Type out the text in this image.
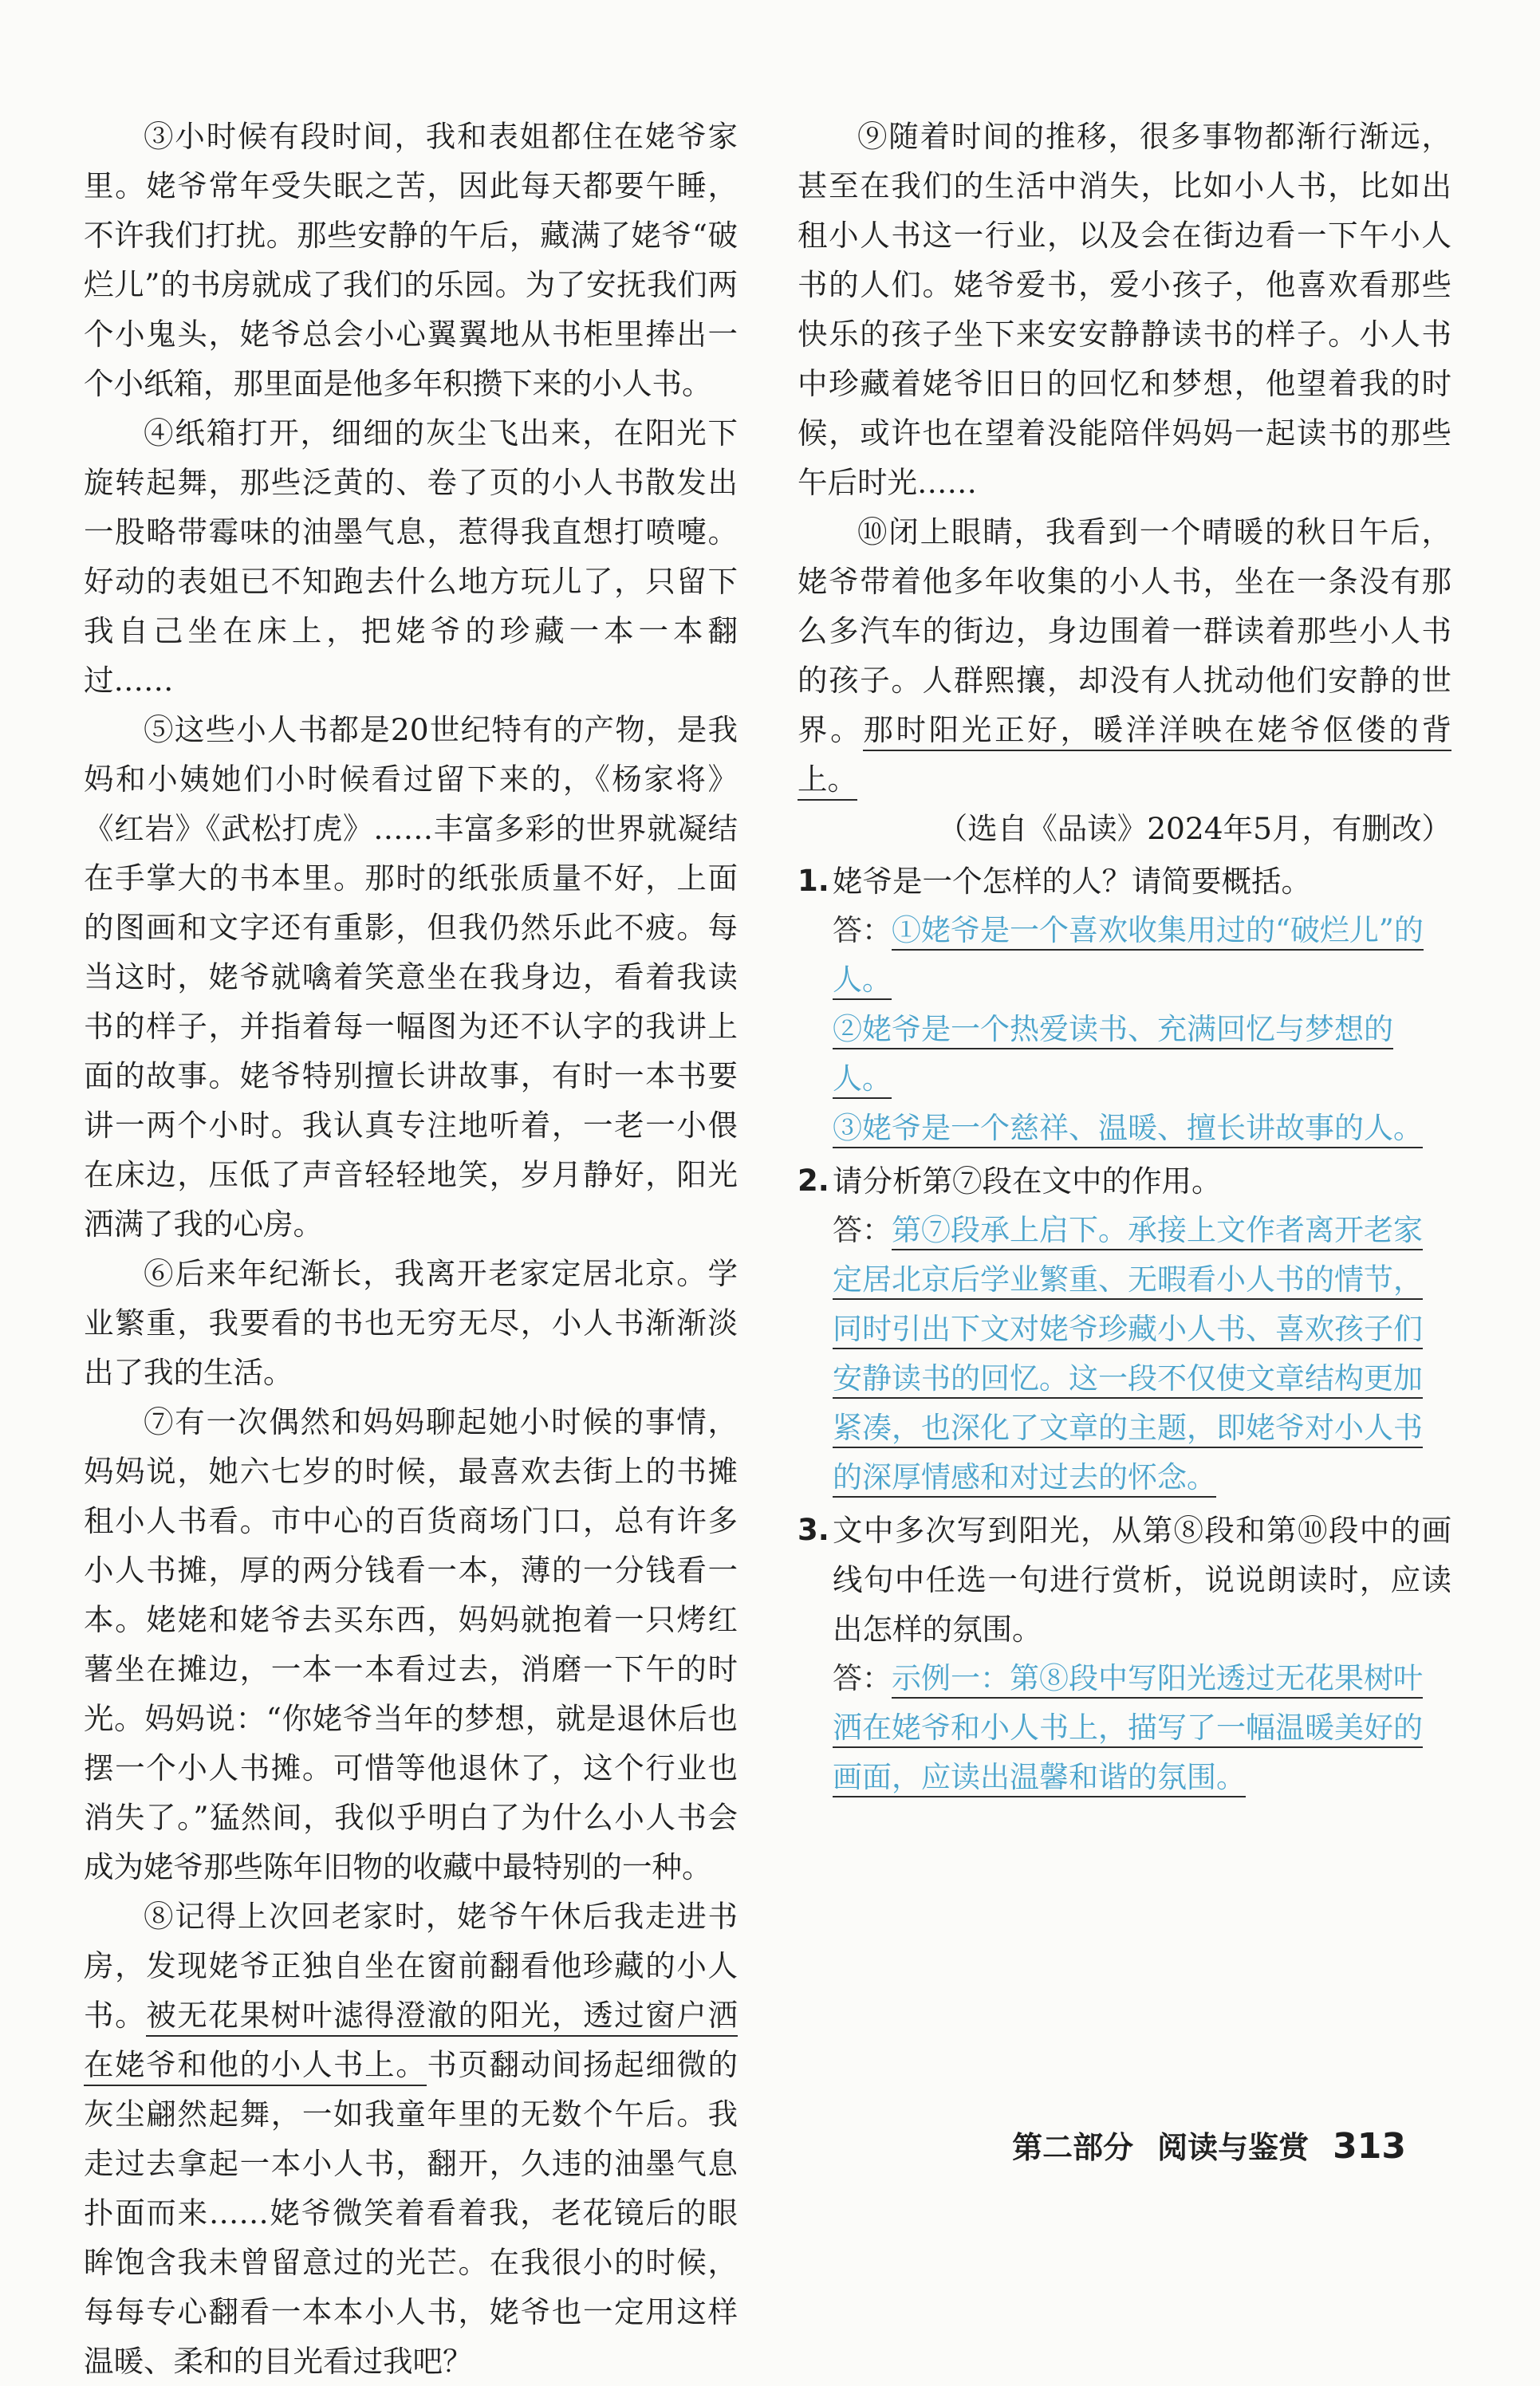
③小时候有段时间，我和表姐都住在姥爷家里。姥爷常年受失眠之苦，因此每天都要午睡，不许我们打扰。那些安静的午后，藏满了姥爷“破烂儿”的书房就成了我们的乐园。为了安抚我们两个小鬼头，姥爷总会小心翼翼地从书柜里捧出一个小纸箱，那里面是他多年积攒下来的小人书。

④纸箱打开，细细的灰尘飞出来，在阳光下旋转起舞，那些泛黄的、卷了页的小人书散发出一股略带霉味的油墨气息，惹得我直想打喷嚏。好动的表姐已不知跑去什么地方玩儿了，只留下我自己坐在床上，把姥爷的珍藏一本一本翻过……

⑤这些小人书都是20世纪特有的产物，是我妈和小姨她们小时候看过留下来的，《杨家将》《红岩》《武松打虎》……丰富多彩的世界就凝结在手掌大的书本里。那时的纸张质量不好，上面的图画和文字还有重影，但我仍然乐此不疲。每当这时，姥爷就噙着笑意坐在我身边，看着我读书的样子，并指着每一幅图为还不认字的我讲上面的故事。姥爷特别擅长讲故事，有时一本书要讲一两个小时。我认真专注地听着，一老一小偎在床边，压低了声音轻轻地笑，岁月静好，阳光洒满了我的心房。

⑥后来年纪渐长，我离开老家定居北京。学业繁重，我要看的书也无穷无尽，小人书渐渐淡出了我的生活。

⑦有一次偶然和妈妈聊起她小时候的事情，妈妈说，她六七岁的时候，最喜欢去街上的书摊租小人书看。市中心的百货商场门口，总有许多小人书摊，厚的两分钱看一本，薄的一分钱看一本。姥姥和姥爷去买东西，妈妈就抱着一只烤红薯坐在摊边，一本一本看过去，消磨一下午的时光。妈妈说：“你姥爷当年的梦想，就是退休后也摆一个小人书摊。可惜等他退休了，这个行业也消失了。”猛然间，我似乎明白了为什么小人书会成为姥爷那些陈年旧物的收藏中最特别的一种。

⑧记得上次回老家时，姥爷午休后我走进书房，发现姥爷正独自坐在窗前翻看他珍藏的小人书。被无花果树叶滤得澄澈的阳光，透过窗户洒在姥爷和他的小人书上。书页翻动间扬起细微的灰尘翩然起舞，一如我童年里的无数个午后。我走过去拿起一本小人书，翻开，久违的油墨气息扑面而来……姥爷微笑着看着我，老花镜后的眼眸饱含我未曾留意过的光芒。在我很小的时候，每每专心翻看一本本小人书，姥爷也一定用这样温暖、柔和的目光看过我吧？

⑨随着时间的推移，很多事物都渐行渐远，甚至在我们的生活中消失，比如小人书，比如出租小人书这一行业，以及会在街边看一下午小人书的人们。姥爷爱书，爱小孩子，他喜欢看那些快乐的孩子坐下来安安静静读书的样子。小人书中珍藏着姥爷旧日的回忆和梦想，他望着我的时候，或许也在望着没能陪伴妈妈一起读书的那些午后时光……

⑩闭上眼睛，我看到一个晴暖的秋日午后，姥爷带着他多年收集的小人书，坐在一条没有那么多汽车的街边，身边围着一群读着那些小人书的孩子。人群熙攘，却没有人扰动他们安静的世界。那时阳光正好，暖洋洋映在姥爷伛偻的背上。

（选自《品读》2024年5月，有删改）

1. 姥爷是一个怎样的人？请简要概括。
答：①姥爷是一个喜欢收集用过的“破烂儿”的人。
②姥爷是一个热爱读书、充满回忆与梦想的人。
③姥爷是一个慈祥、温暖、擅长讲故事的人。
2. 请分析第⑦段在文中的作用。
答：第⑦段承上启下。承接上文作者离开老家定居北京后学业繁重、无暇看小人书的情节，同时引出下文对姥爷珍藏小人书、喜欢孩子们安静读书的回忆。这一段不仅使文章结构更加紧凑，也深化了文章的主题，即姥爷对小人书的深厚情感和对过去的怀念。
3. 文中多次写到阳光，从第⑧段和第⑩段中的画线句中任选一句进行赏析，说说朗读时，应读出怎样的氛围。
答：示例一：第⑧段中写阳光透过无花果树叶洒在姥爷和小人书上，描写了一幅温暖美好的画面，应读出温馨和谐的氛围。
第二部分 阅读与鉴赏 313
